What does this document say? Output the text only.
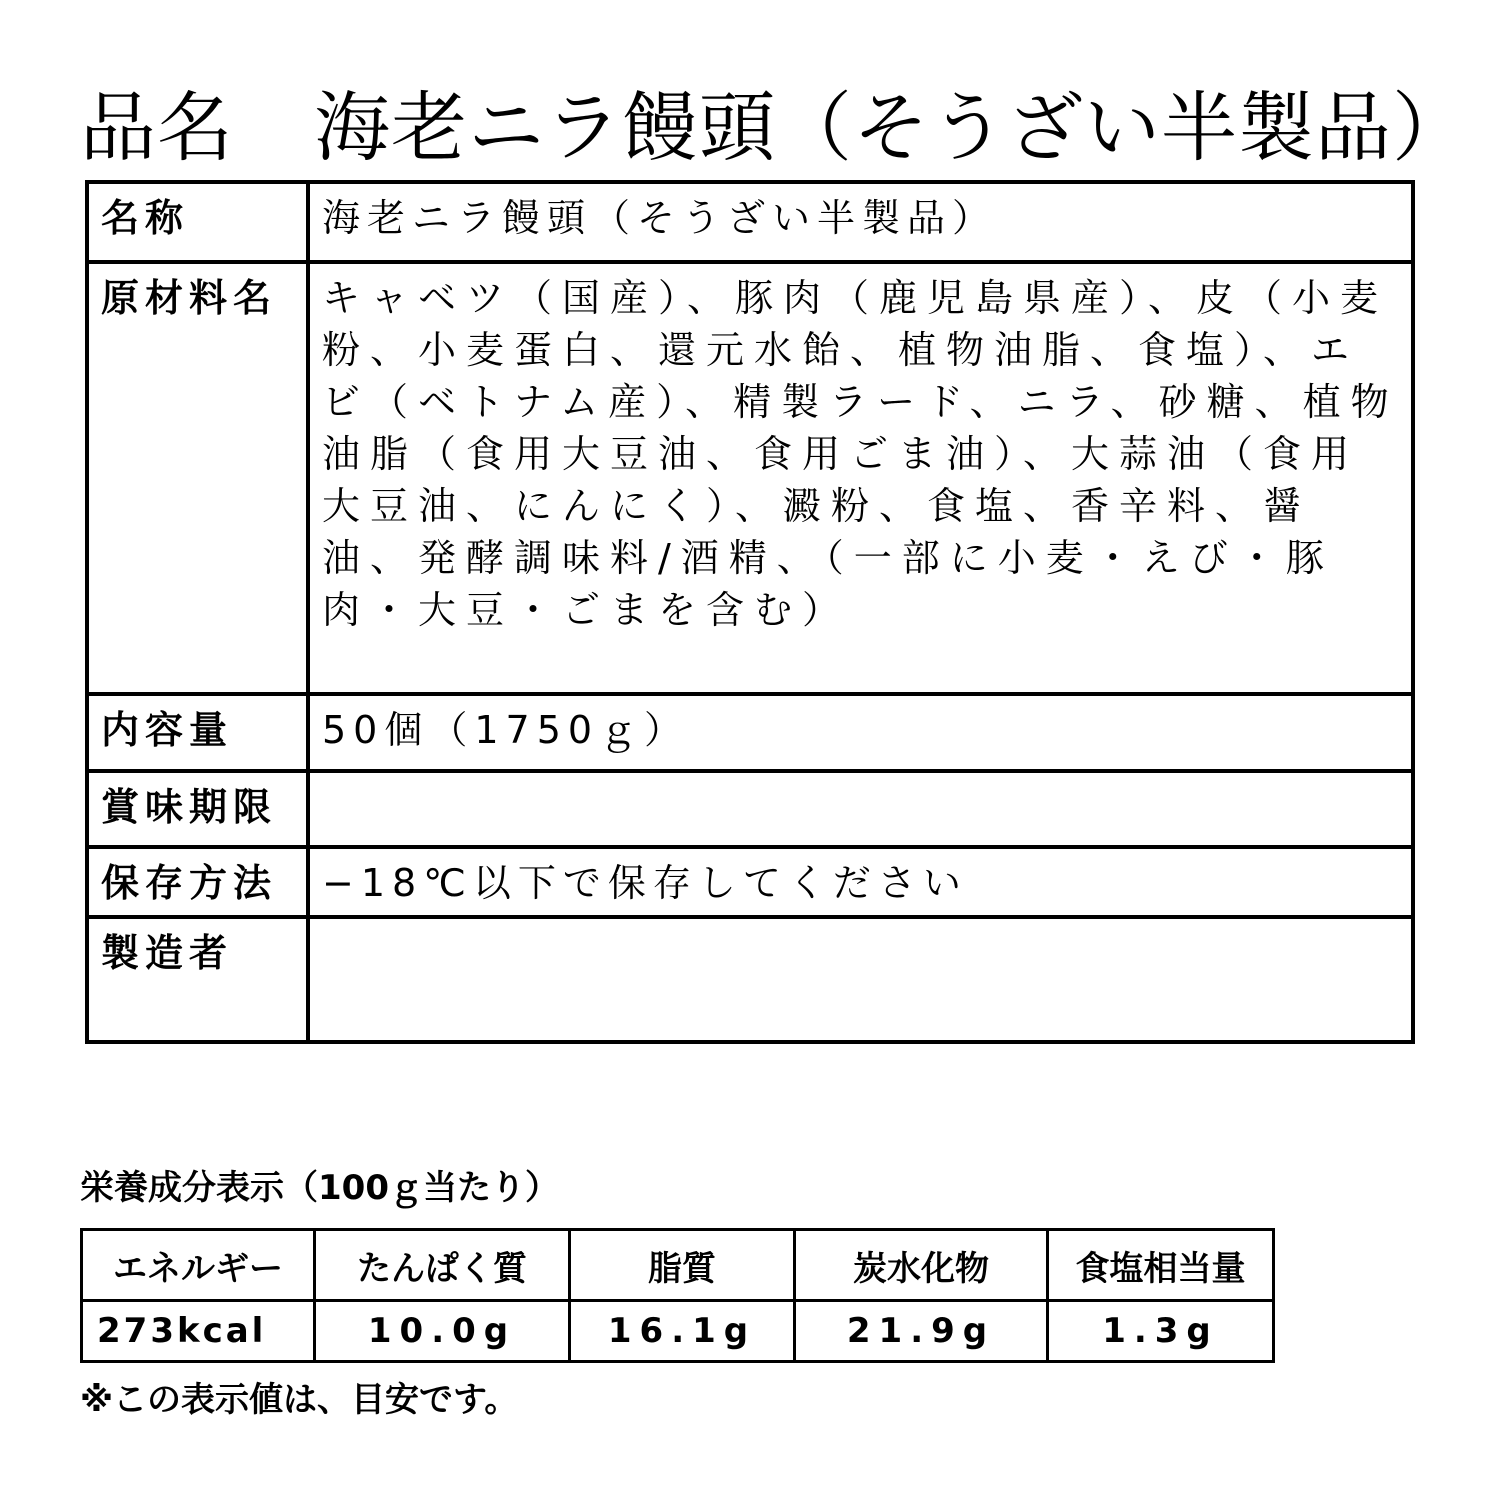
品名 海老ニラ饅頭（そうざい半製品）
名称	海老ニラ饅頭（そうざい半製品）
原材料名	キャベツ（国産）、豚肉（鹿児島県産）、皮（小麦粉、小麦蛋白、還元水飴、植物油脂、食塩）、エビ（ベトナム産）、精製ラード、ニラ、砂糖、植物油脂（食用大豆油、食用ごま油）、大蒜油（食用大豆油、にんにく）、澱粉、食塩、香辛料、醤油、発酵調味料/酒精、（一部に小麦・えび・豚肉・大豆・ごまを含む）
内容量	50個（1750ｇ）
賞味期限	
保存方法	−18℃以下で保存してください
製造者	
栄養成分表示（100ｇ当たり）
エネルギー	たんぱく質	脂質	炭水化物	食塩相当量
273kcal	10.0g	16.1g	21.9g	1.3g
※この表示値は、目安です。
